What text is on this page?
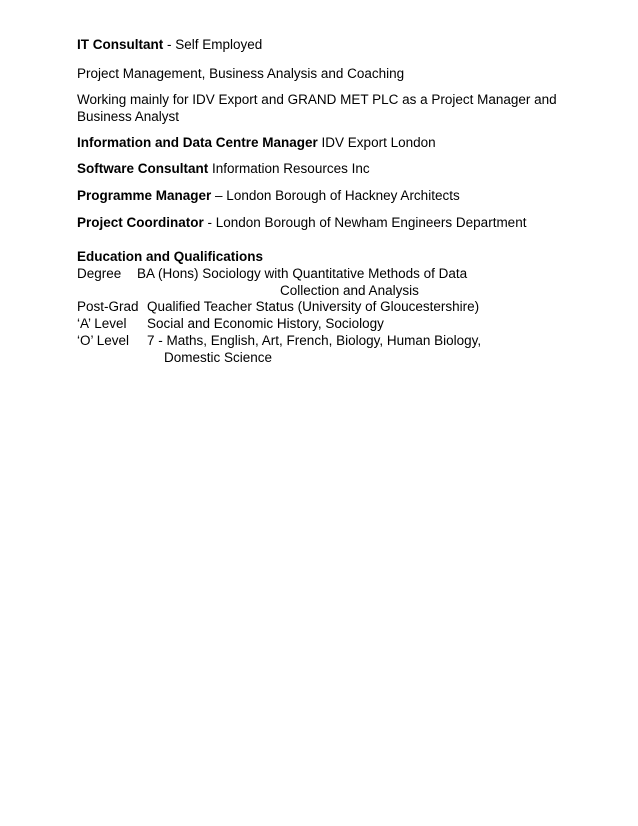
IT Consultant - Self Employed
Project Management, Business Analysis and Coaching
Working mainly for IDV Export and GRAND MET PLC as a Project Manager and
Business Analyst
Information and Data Centre Manager IDV Export London
Software Consultant Information Resources Inc
Programme Manager – London Borough of Hackney Architects
Project Coordinator - London Borough of Newham Engineers Department
Education and Qualifications
Degree BA (Hons) Sociology with Quantitative Methods of Data
Collection and Analysis
Post-Grad Qualified Teacher Status (University of Gloucestershire)
‘A’ Level Social and Economic History, Sociology
‘O’ Level 7 - Maths, English, Art, French, Biology, Human Biology,
Domestic Science
